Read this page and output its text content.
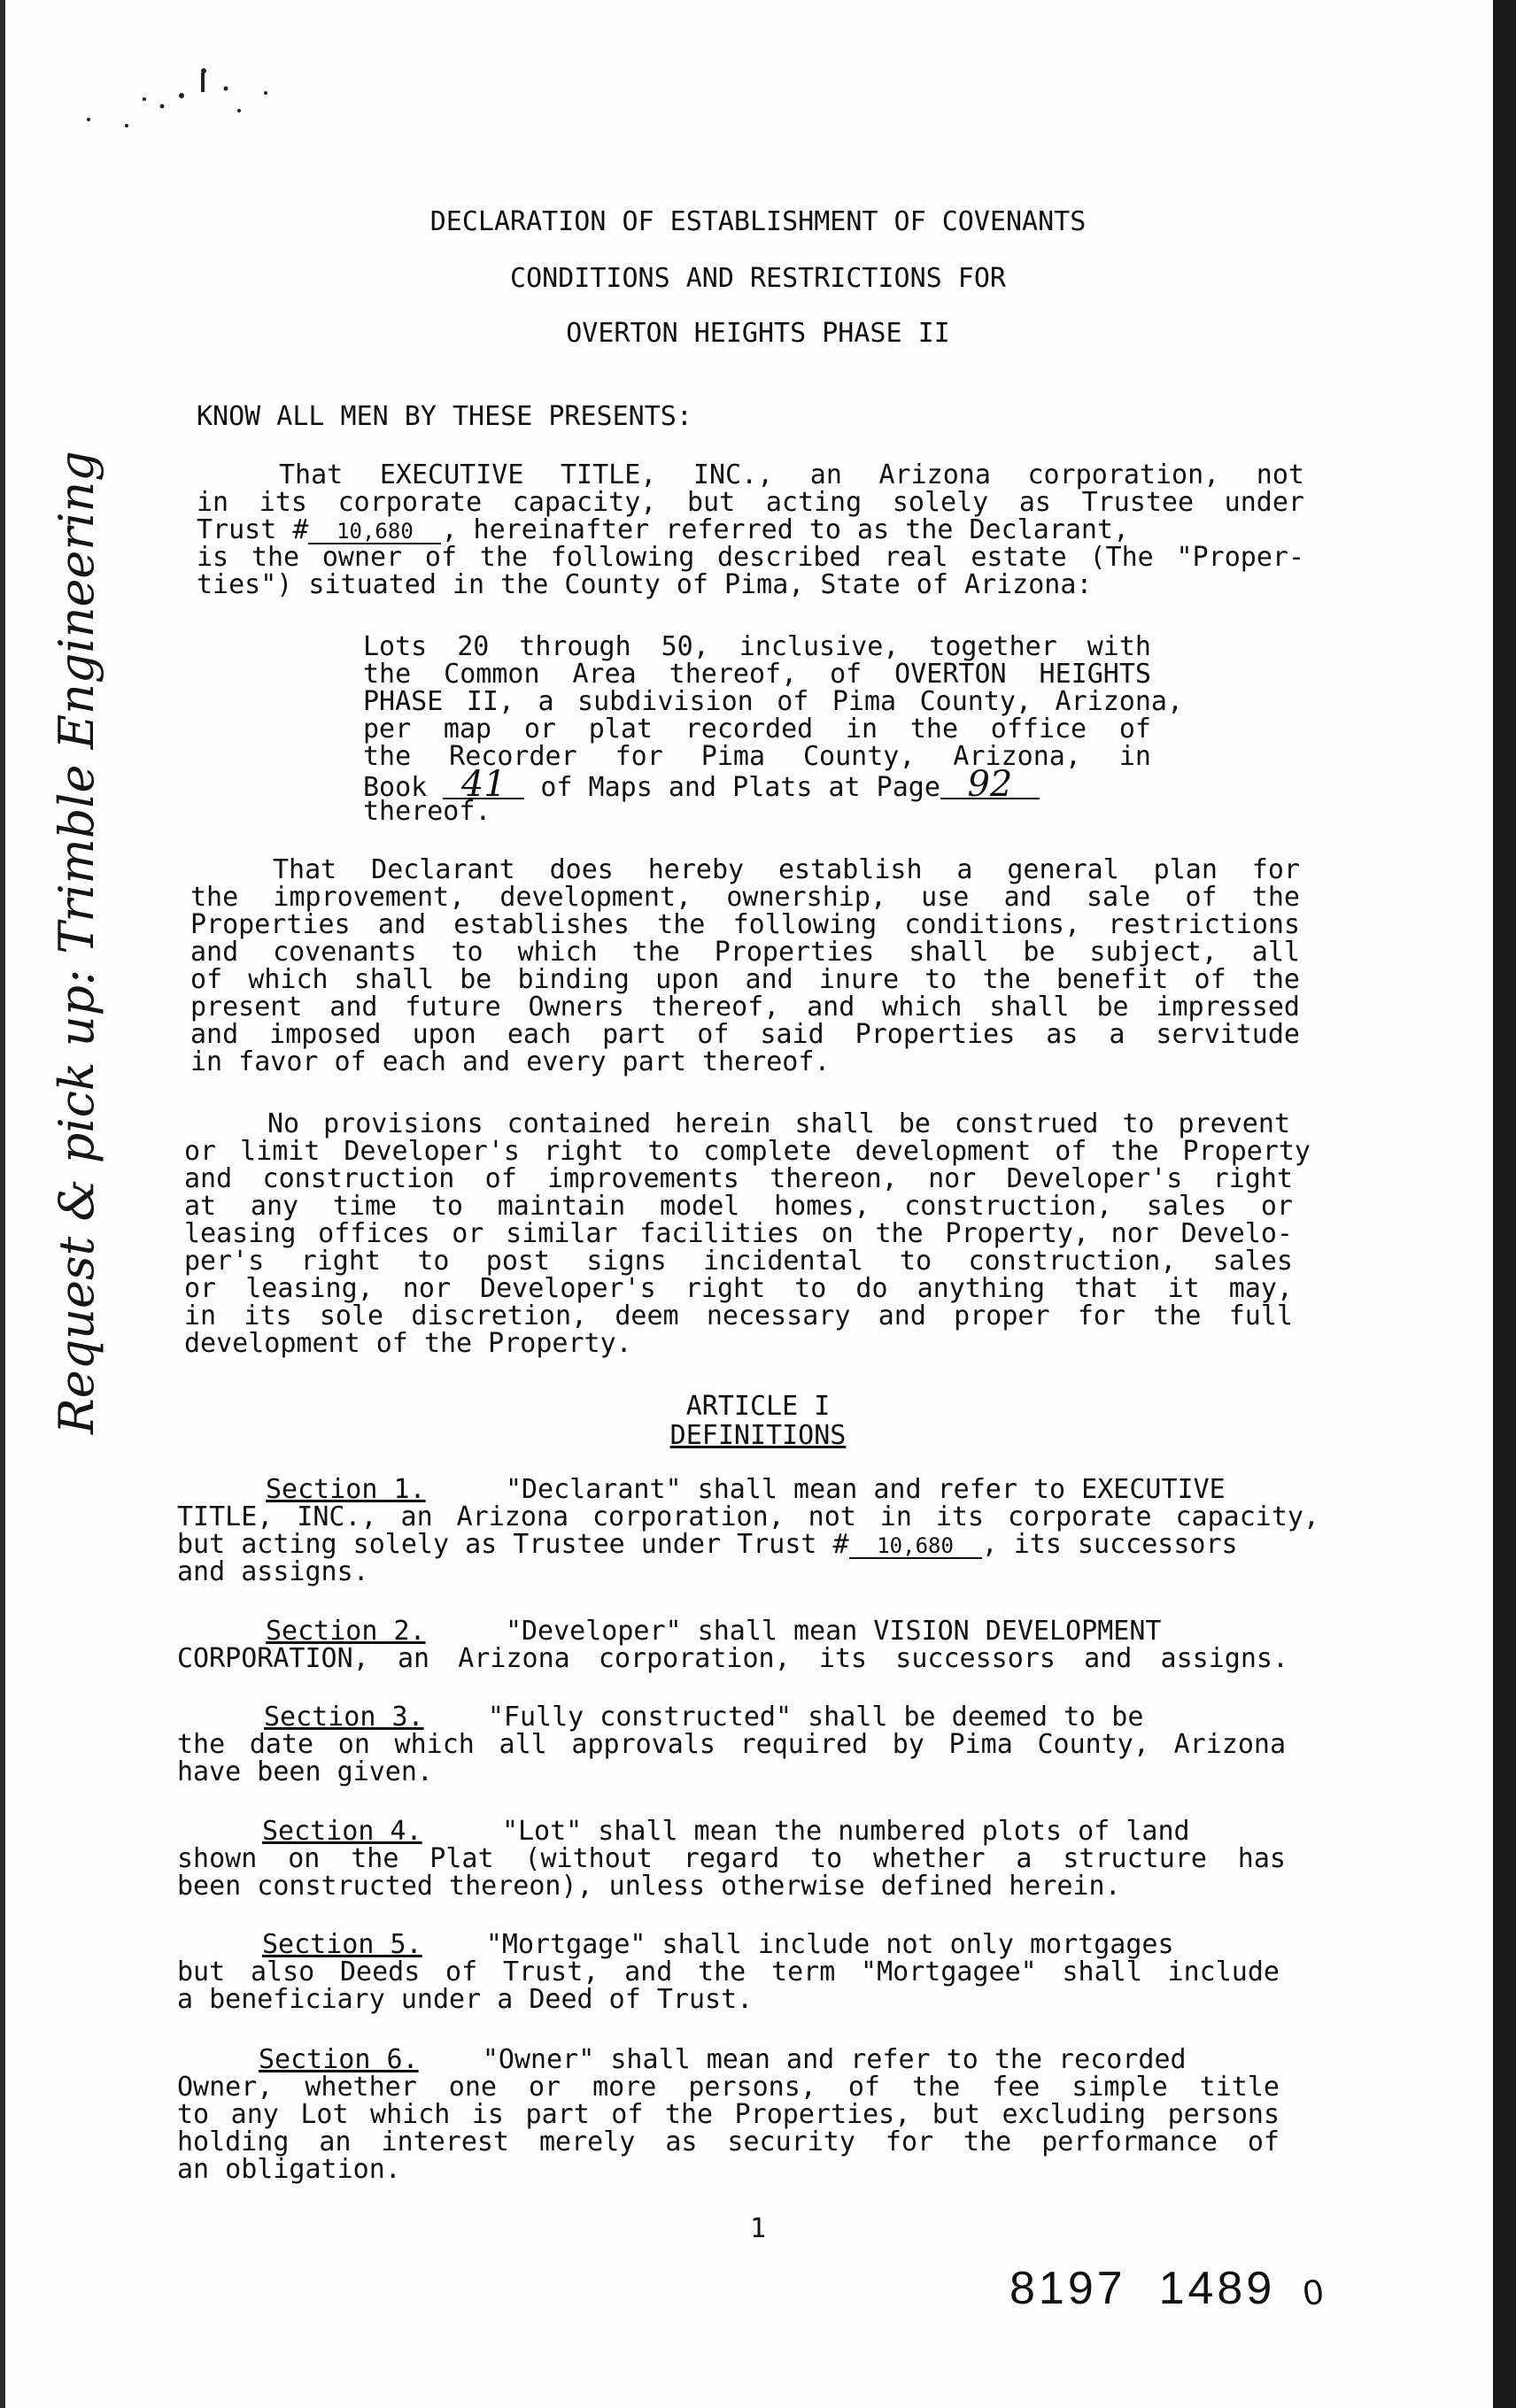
DECLARATION OF ESTABLISHMENT OF COVENANTS
CONDITIONS AND RESTRICTIONS FOR
OVERTON HEIGHTS PHASE II
Request & pick up: Trimble Engineering
KNOW ALL MEN BY THESE PRESENTS:
That EXECUTIVE TITLE, INC., an Arizona corporation, not
in its corporate capacity, but acting solely as Trustee under
Trust # 10,680 , hereinafter referred to as the Declarant,
is the owner of the following described real estate (The "Proper-
ties") situated in the County of Pima, State of Arizona:
Lots 20 through 50, inclusive, together with
the Common Area thereof, of OVERTON HEIGHTS
PHASE II, a subdivision of Pima County, Arizona,
per map or plat recorded in the office of
the Recorder for Pima County, Arizona, in
Book 41 of Maps and Plats at Page 92
thereof.
That Declarant does hereby establish a general plan for
the improvement, development, ownership, use and sale of the
Properties and establishes the following conditions, restrictions
and covenants to which the Properties shall be subject, all
of which shall be binding upon and inure to the benefit of the
present and future Owners thereof, and which shall be impressed
and imposed upon each part of said Properties as a servitude
in favor of each and every part thereof.
No provisions contained herein shall be construed to prevent
or limit Developer's right to complete development of the Property
and construction of improvements thereon, nor Developer's right
at any time to maintain model homes, construction, sales or
leasing offices or similar facilities on the Property, nor Develo-
per's right to post signs incidental to construction, sales
or leasing, nor Developer's right to do anything that it may,
in its sole discretion, deem necessary and proper for the full
development of the Property.
ARTICLE I
DEFINITIONS
Section 1.	"Declarant" shall mean and refer to EXECUTIVE
TITLE, INC., an Arizona corporation, not in its corporate capacity,
but acting solely as Trustee under Trust # 10,680 , its successors
and assigns.
Section 2.	"Developer" shall mean VISION DEVELOPMENT
CORPORATION, an Arizona corporation, its successors and assigns.
Section 3. "Fully constructed" shall be deemed to be
the date on which all approvals required by Pima County, Arizona
have been given.
Section 4.	"Lot" shall mean the numbered plots of land
shown on the Plat (without regard to whether a structure has
been constructed thereon), unless otherwise defined herein.
Section 5. "Mortgage" shall include not only mortgages
but also Deeds of Trust, and the term "Mortgagee" shall include
a beneficiary under a Deed of Trust.
Section 6. "Owner" shall mean and refer to the recorded
Owner, whether one or more persons, of the fee simple title
to any Lot which is part of the Properties, but excluding persons
holding an interest merely as security for the performance of
an obligation.
1
8197  1489 0
